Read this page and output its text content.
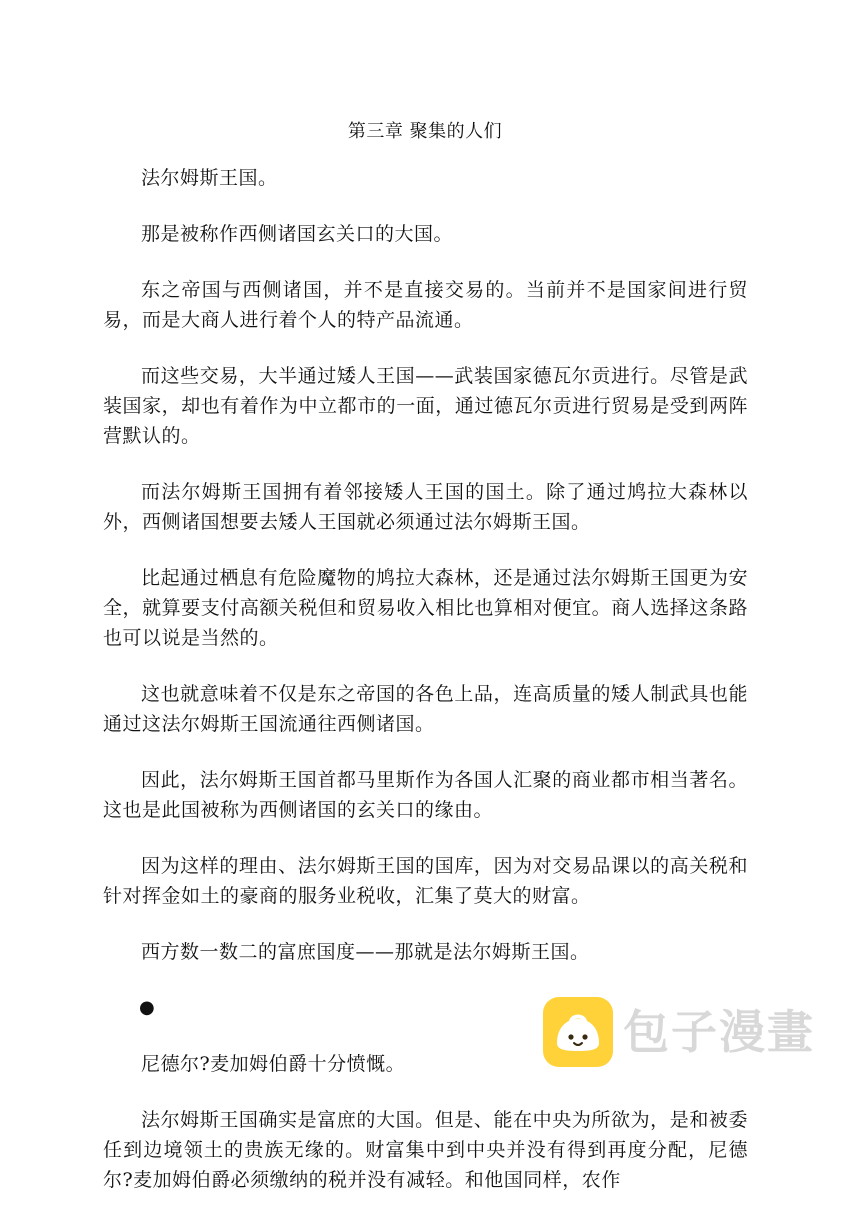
第三章 聚集的人们

法尔姆斯王国。

那是被称作西侧诸国玄关口的大国。

东之帝国与西侧诸国，并不是直接交易的。当前并不是国家间进行贸易，而是大商人进行着个人的特产品流通。

而这些交易，大半通过矮人王国——武装国家德瓦尔贡进行。尽管是武装国家，却也有着作为中立都市的一面，通过德瓦尔贡进行贸易是受到两阵营默认的。

而法尔姆斯王国拥有着邻接矮人王国的国土。除了通过鸠拉大森林以外，西侧诸国想要去矮人王国就必须通过法尔姆斯王国。

比起通过栖息有危险魔物的鸠拉大森林，还是通过法尔姆斯王国更为安全，就算要支付高额关税但和贸易收入相比也算相对便宜。商人选择这条路也可以说是当然的。

这也就意味着不仅是东之帝国的各色上品，连高质量的矮人制武具也能通过这法尔姆斯王国流通往西侧诸国。

因此，法尔姆斯王国首都马里斯作为各国人汇聚的商业都市相当著名。这也是此国被称为西侧诸国的玄关口的缘由。

因为这样的理由、法尔姆斯王国的国库，因为对交易品课以的高关税和针对挥金如土的豪商的服务业税收，汇集了莫大的财富。

西方数一数二的富庶国度——那就是法尔姆斯王国。

●

尼德尔?麦加姆伯爵十分愤慨。

法尔姆斯王国确实是富庶的大国。但是、能在中央为所欲为，是和被委任到边境领土的贵族无缘的。财富集中到中央并没有得到再度分配，尼德尔?麦加姆伯爵必须缴纳的税并没有减轻。和他国同样，农作

包子漫畫
